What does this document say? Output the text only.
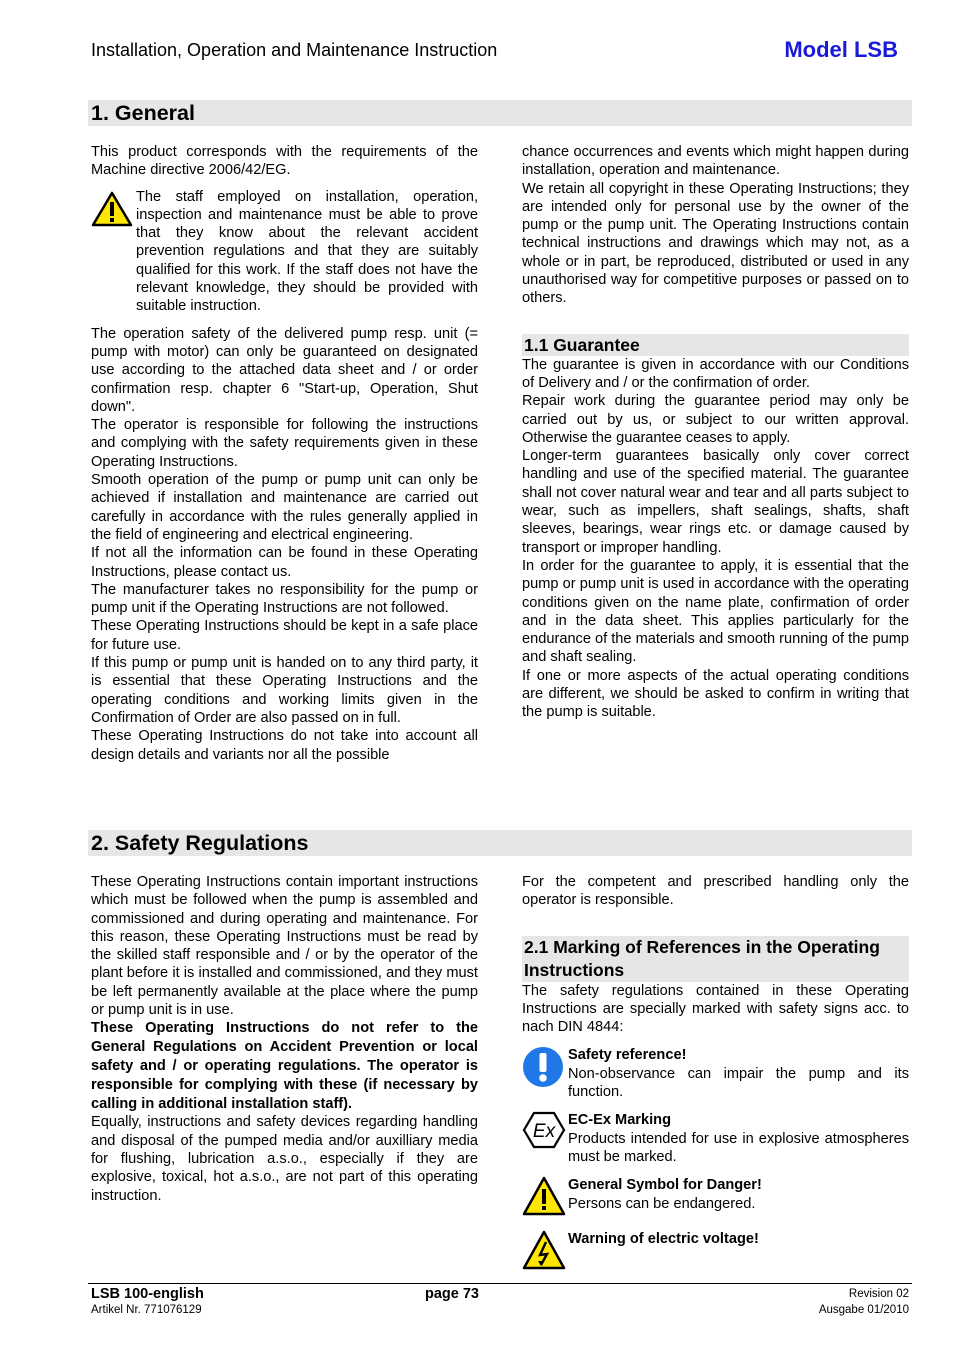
Installation, Operation and Maintenance Instruction	Model LSB
1. General

This product corresponds with the requirements of the Machine directive 2006/42/EG.

The staff employed on installation, operation, inspection and maintenance must be able to prove that they know about the relevant accident prevention regulations and that they are suitably qualified for this work. If the staff does not have the relevant knowledge, they should be provided with suitable instruction.

The operation safety of the delivered pump resp. unit (= pump with motor) can only be guaranteed on designated use according to the attached data sheet and / or order confirmation resp. chapter 6 "Start-up, Operation, Shut down".

The operator is responsible for following the instructions and complying with the safety requirements given in these Operating Instructions.

Smooth operation of the pump or pump unit can only be achieved if installation and maintenance are carried out carefully in accordance with the rules generally applied in the field of engineering and electrical engineering.

If not all the information can be found in these Operating Instructions, please contact us.

The manufacturer takes no responsibility for the pump or pump unit if the Operating Instructions are not followed.

These Operating Instructions should be kept in a safe place for future use.

If this pump or pump unit is handed on to any third party, it is essential that these Operating Instructions and the operating conditions and working limits given in the Confirmation of Order are also passed on in full.

These Operating Instructions do not take into account all design details and variants nor all the possible

chance occurrences and events which might happen during installation, operation and maintenance.

We retain all copyright in these Operating Instructions; they are intended only for personal use by the owner of the pump or the pump unit. The Operating Instructions contain technical instructions and drawings which may not, as a whole or in part, be reproduced, distributed or used in any unauthorised way for competitive purposes or passed on to others.

1.1 Guarantee

The guarantee is given in accordance with our Conditions of Delivery and / or the confirmation of order.

Repair work during the guarantee period may only be carried out by us, or subject to our written approval. Otherwise the guarantee ceases to apply.

Longer-term guarantees basically only cover correct handling and use of the specified material. The guarantee shall not cover natural wear and tear and all parts subject to wear, such as impellers, shaft sealings, shafts, shaft sleeves, bearings, wear rings etc. or damage caused by transport or improper handling.

In order for the guarantee to apply, it is essential that the pump or pump unit is used in accordance with the operating conditions given on the name plate, confirmation of order and in the data sheet. This applies particularly for the endurance of the materials and smooth running of the pump and shaft sealing.

If one or more aspects of the actual operating conditions are different, we should be asked to confirm in writing that the pump is suitable.

2. Safety Regulations

These Operating Instructions contain important instructions which must be followed when the pump is assembled and commissioned and during operating and maintenance. For this reason, these Operating Instructions must be read by the skilled staff responsible and / or by the operator of the plant before it is installed and commissioned, and they must be left permanently available at the place where the pump or pump unit is in use.

These Operating Instructions do not refer to the General Regulations on Accident Prevention or local safety and / or operating regulations. The operator is responsible for complying with these (if necessary by calling in additional installation staff).

Equally, instructions and safety devices regarding handling and disposal of the pumped media and/or auxilliary media for flushing, lubrication a.s.o., especially if they are explosive, toxical, hot a.s.o., are not part of this operating instruction.

For the competent and prescribed handling only the operator is responsible.

2.1 Marking of References in the Operating Instructions

The safety regulations contained in these Operating Instructions are specially marked with safety signs acc. to nach DIN 4844:

Safety reference!
Non-observance can impair the pump and its function.
Ex
EC-Ex Marking
Products intended for use in explosive atmospheres must be marked.
General Symbol for Danger!
Persons can be endangered.
Warning of electric voltage!
LSB 100-english
Artikel Nr. 771076129
page 73	Revision 02
Ausgabe 01/2010
